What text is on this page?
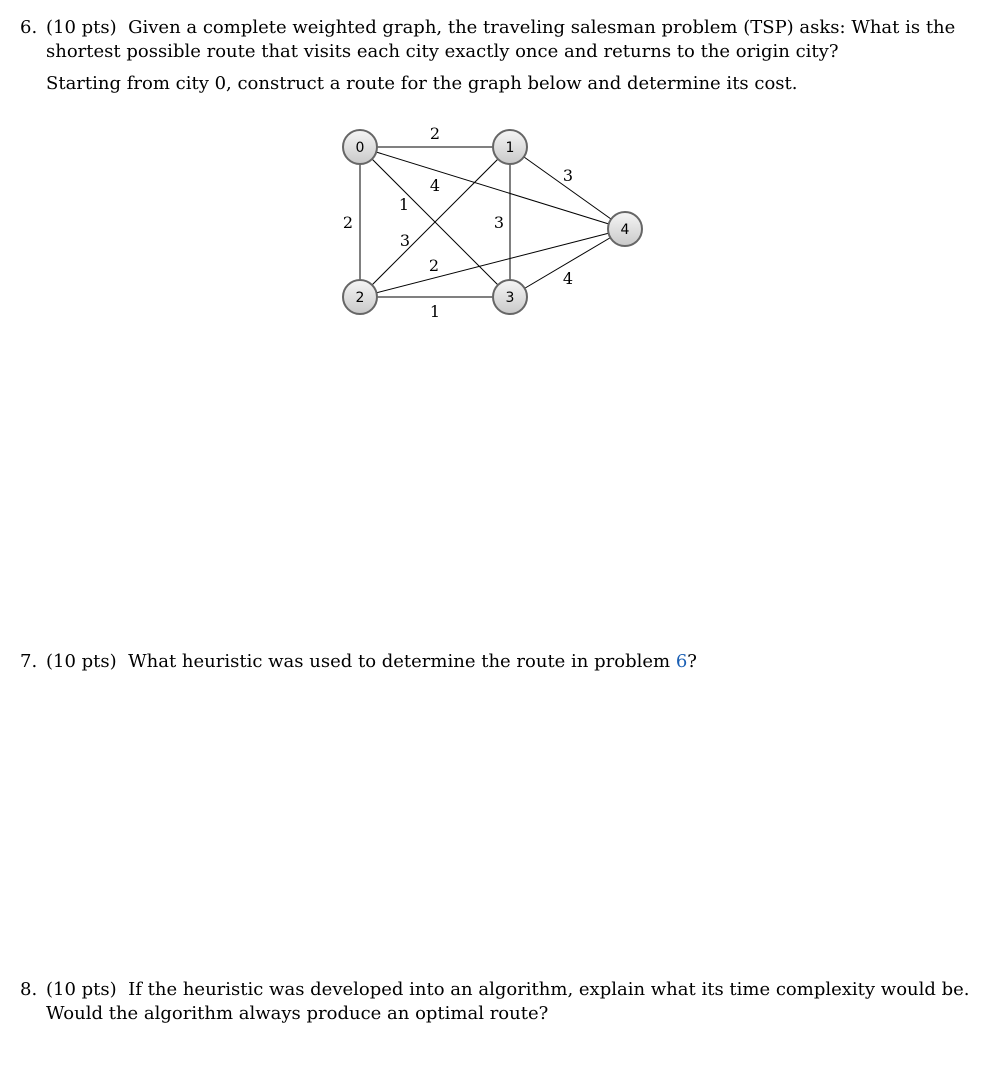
6. (10 pts) Given a complete weighted graph, the traveling salesman problem (TSP) asks: What is the
shortest possible route that visits each city exactly once and returns to the origin city?
Starting from city 0, construct a route for the graph below and determine its cost.
2
2
1
4
3
3
3
1
2
4
0	1
2	3
4
7. (10 pts) What heuristic was used to determine the route in problem 6?
8. (10 pts) If the heuristic was developed into an algorithm, explain what its time complexity would be.
Would the algorithm always produce an optimal route?
